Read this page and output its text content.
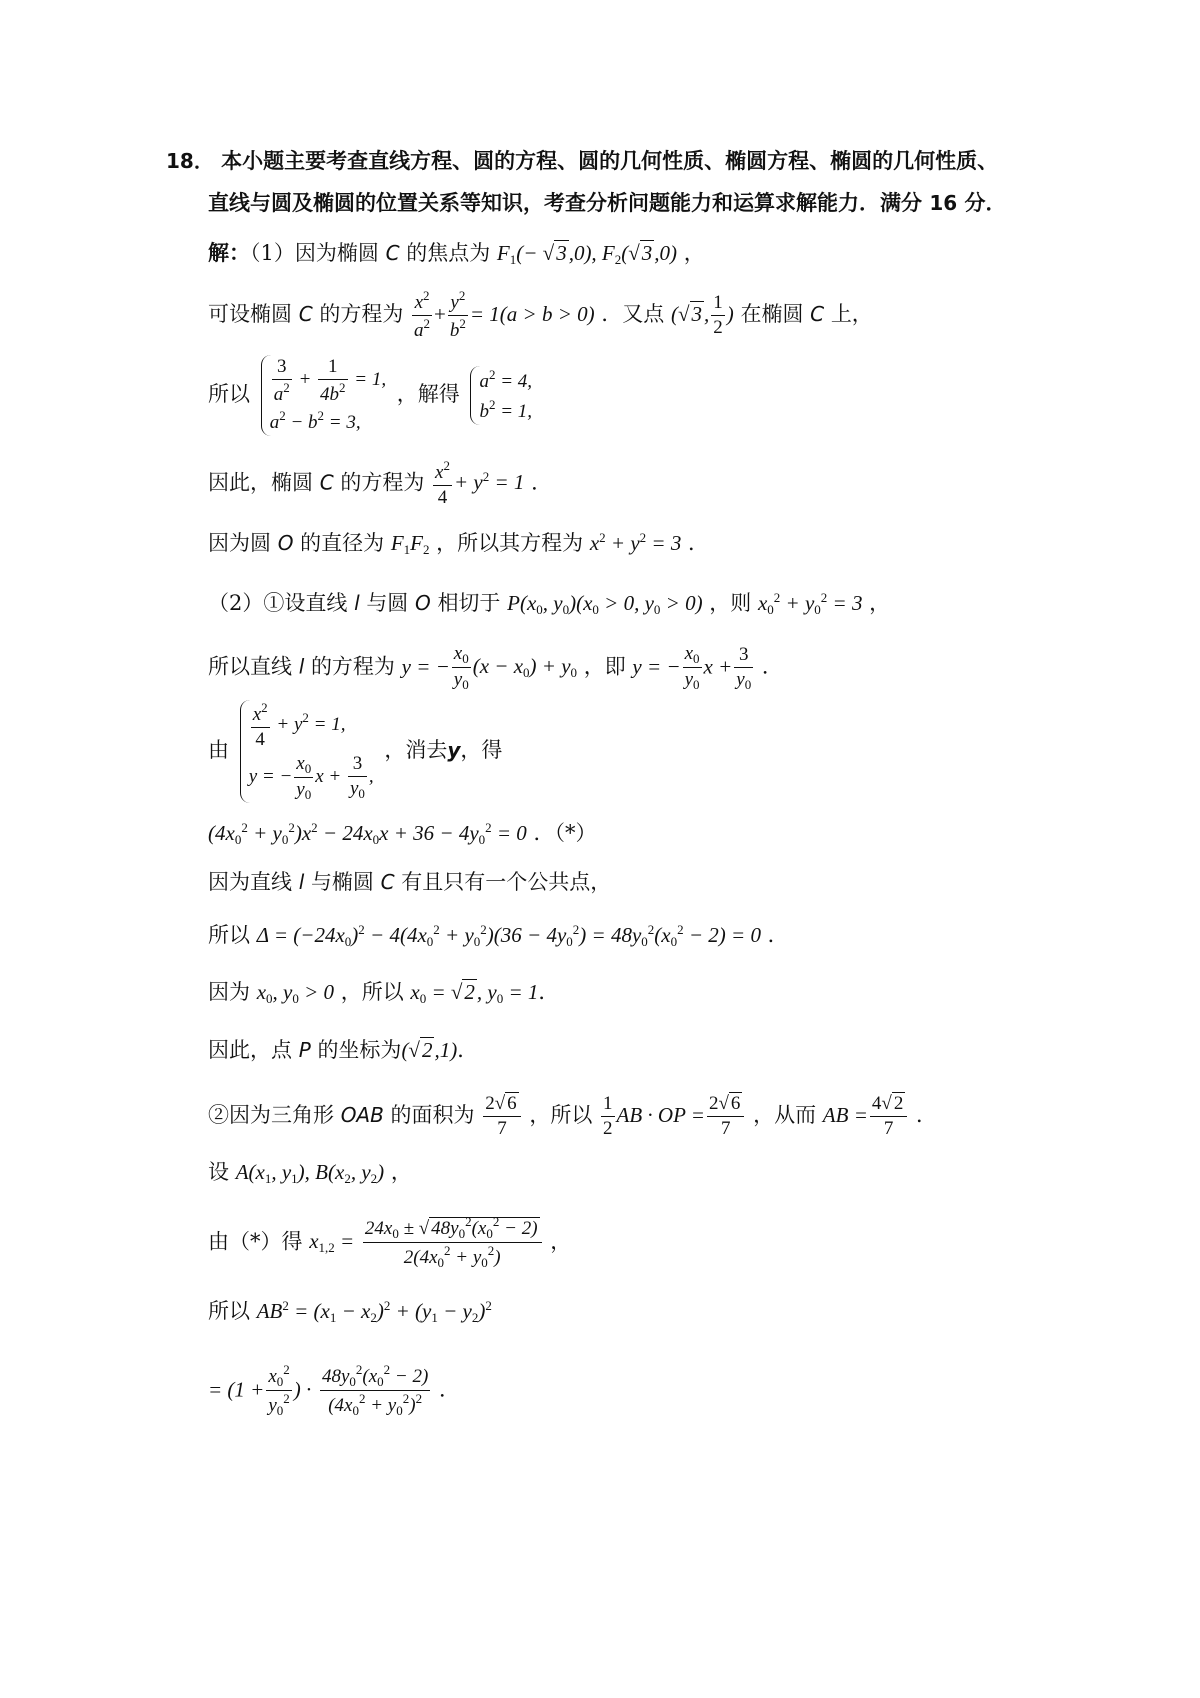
18． 本小题主要考查直线方程、圆的方程、圆的几何性质、椭圆方程、椭圆的几何性质、
直线与圆及椭圆的位置关系等知识，考查分析问题能力和运算求解能力．满分 16 分．
解：（1）因为椭圆 C 的焦点为 $F_1(- √3,0)$, $F_2(√3,0)$ ，
可设椭圆 C 的方程为 $\frac{x^2}{a^2} + \frac{y^2}{b^2} = 1(a > b > 0)$ ．又点 (√3, $\frac{1}{2}$ ) 在椭圆 C 上，
所以 $\frac{3}{a^2} + \frac{1}{4b^2} = 1$,
$a^2 - b^2 = 3$,
，解得
$a^2 = 4$,
$b^2 = 1$,
因此，椭圆 C 的方程为 $\frac{x^2}{4} + y^2 = 1$ ．
因为圆 O 的直径为 $F_1F_2$ ，所以其方程为 $x^2 + y^2 = 3$ ．
（2）①设直线 l 与圆 O 相切于 $P(x_0$, $y_0)(x_0 > 0$, $y_0 > 0$) ，则 $x_0^2 + y_0^2 = 3$ ，
所以直线 l 的方程为 y = − $\frac{x_0}{y_0} (x - x_0) + y_0$ ，即 y = − $\frac{x_0}{y_0}$ $x + \frac{3}{y_0}$ ．
由 $\frac{x^2}{4} + y^2 = 1$,
y = − $\frac{x_0}{y_0}$ $x + \frac{3}{y_0}$ ,
，消去y，得
$(4x_0^2 + y_0^2)x^2 - 24x_0x + 36 - 4y_0^2 = 0$ ．（*）
因为直线 l 与椭圆 C 有且只有一个公共点，
所以 $\Delta = (-24x_0)^2 - 4(4x_0^2 + y_0^2)(36 - 4y_0^2) = 48y_0^2(x_0^2 - 2) = 0$ ．
因为 $x_0$, $y_0 > 0$ ，所以 $x_0 = √2$, $y_0 = 1$．
因此，点 P 的坐标为(√2,1)．
②因为三角形 OAB 的面积为 $\frac{2√ 6}{7}$ ，所以 $\frac{1}{2}$ AB · OP = $\frac{2√ 6}{7}$ ，从而 AB = $\frac{4√ 2}{7}$ ．
设 $A(x_1$, $y_1$), $B(x_2$, $y_2$) ，
由（*）得 $x_{1,2} = \frac{24x_0 \pm √ 48y_0^2(x_0^2 - 2)}{2(4x_0^2 + y_0^2)}$ ，
所以 $AB^2 = (x_1 - x_2)^2 + (y_1 - y_2)^2$
= ($1 + \frac{x_0^2}{y_0^2}$ ) · $\frac{48y_0^2(x_0^2 - 2)}{(4x_0^2 + y_0^2)^2}$ ．
